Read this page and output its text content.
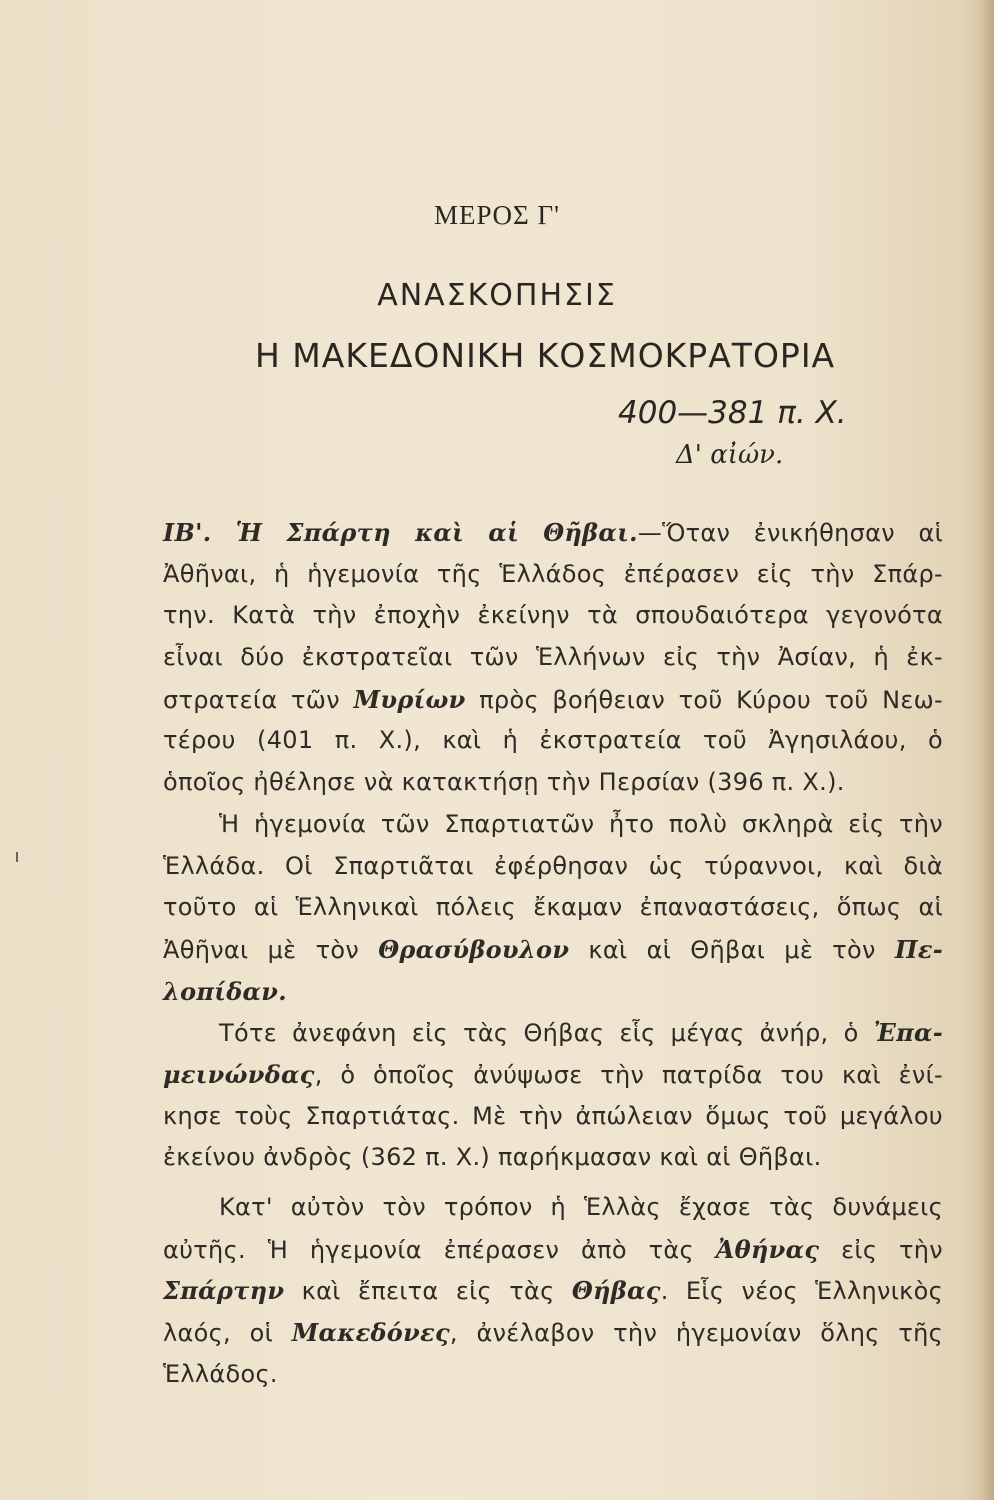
ΜΕΡΟΣ Γ'
ΑΝΑΣΚΟΠΗΣΙΣ
Η ΜΑΚΕΔΟΝΙΚΗ ΚΟΣΜΟΚΡΑΤΟΡΙΑ
400—381 π. Χ.
Δ' αἰών.
ΙΒ'. Ἡ Σπάρτη καὶ αἱ Θῆβαι.—Ὅταν ἐνικήθησαν αἱ
Ἀθῆναι, ἡ ἡγεμονία τῆς Ἑλλάδος ἐπέρασεν εἰς τὴν Σπάρ-
την. Κατὰ τὴν ἐποχὴν ἐκείνην τὰ σπουδαιότερα γεγονότα
εἶναι δύο ἐκστρατεῖαι τῶν Ἑλλήνων εἰς τὴν Ἀσίαν, ἡ ἐκ-
στρατεία τῶν Μυρίων πρὸς βοήθειαν τοῦ Κύρου τοῦ Νεω-
τέρου (401 π. Χ.), καὶ ἡ ἐκστρατεία τοῦ Ἀγησιλάου, ὁ
ὁποῖος ἠθέλησε νὰ κατακτήσῃ τὴν Περσίαν (396 π. Χ.).
Ἡ ἡγεμονία τῶν Σπαρτιατῶν ἦτο πολὺ σκληρὰ εἰς τὴν
Ἑλλάδα. Οἱ Σπαρτιᾶται ἐφέρθησαν ὡς τύραννοι, καὶ διὰ
τοῦτο αἱ Ἑλληνικαὶ πόλεις ἔκαμαν ἐπαναστάσεις, ὅπως αἱ
Ἀθῆναι μὲ τὸν Θρασύβουλον καὶ αἱ Θῆβαι μὲ τὸν Πε-
λοπίδαν.
Τότε ἀνεφάνη εἰς τὰς Θήβας εἷς μέγας ἀνήρ, ὁ Ἐπα-
μεινώνδας, ὁ ὁποῖος ἀνύψωσε τὴν πατρίδα του καὶ ἐνί-
κησε τοὺς Σπαρτιάτας. Μὲ τὴν ἀπώλειαν ὅμως τοῦ μεγάλου
ἐκείνου ἀνδρὸς (362 π. Χ.) παρήκμασαν καὶ αἱ Θῆβαι.
Κατ' αὐτὸν τὸν τρόπον ἡ Ἑλλὰς ἔχασε τὰς δυνάμεις
αὐτῆς. Ἡ ἡγεμονία ἐπέρασεν ἀπὸ τὰς Ἀθήνας εἰς τὴν
Σπάρτην καὶ ἔπειτα εἰς τὰς Θήβας. Εἷς νέος Ἑλληνικὸς
λαός, οἱ Μακεδόνες, ἀνέλαβον τὴν ἡγεμονίαν ὅλης τῆς
Ἑλλάδος.
